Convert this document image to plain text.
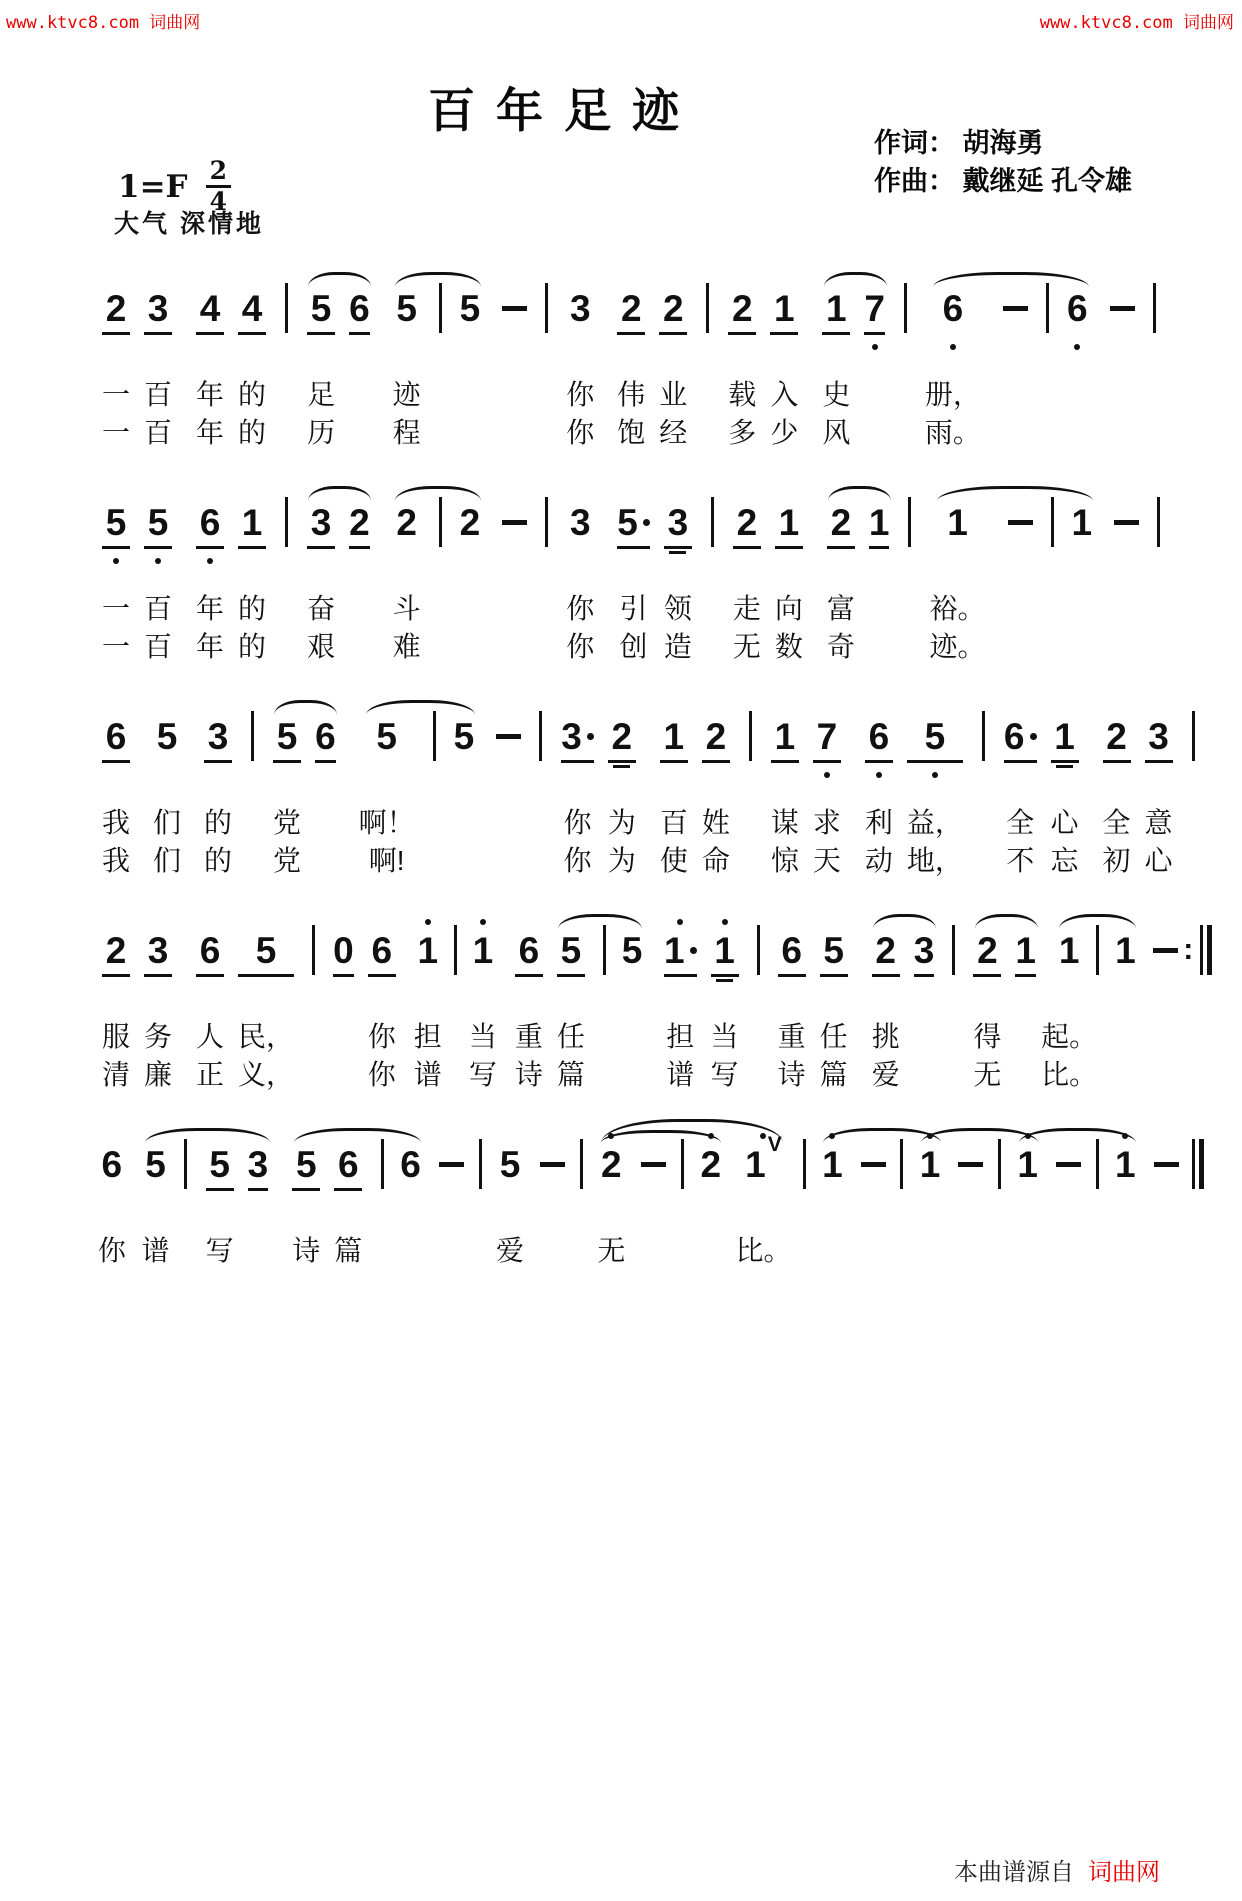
www.ktvc8.com 词曲网	www.ktvc8.com 词曲网
百 年 足 迹
作词： 胡海勇
作曲： 戴继延 孔令雄
$1=F \frac{2}{4}$
大气 深情地
2
一
一
3
百
百
4
年
年
4
的
的
5
足
历
6 5
迹
程
5 3
你
你
2
伟
饱
2
业
经
2
载
多
1
入
少
1
史
风
7 6
册，
雨。
6
5
一
一
5
百
百
6
年
年
1
的
的
3
奋
艰
2 2
斗
难
2 3
你
你
5
引
创
3
领
造
2
走
无
1
向
数
2
富
奇
1 1
裕。
迹。
1
6
我
我
5
们
们
3
的
的
5
党
党
6 5
啊！
啊!
5 3
你
你
2
为
为
1
百
使
2
姓
命
1
谋
惊
7
求
天
6
利
动
5
益，
地，
6
全
不
1
心
忘
2
全
初
3
意
心
2
服
清
3
务
廉
6
人
正
5
民，
义，
0 6
你
你
1
担
谱
1
当
写
6
重
诗
5
任
篇
5 1
担
谱
1
当
写
6
重
诗
5
任
篇
2
挑
爱
3 2
得
无
1 1
起。
比。
1 :
6
你
5
谱
5
写
3 5
诗
6
篇
6 5
爱
2
无
2 1 V
比。
1 1 1 1
本曲谱源自 词曲网
